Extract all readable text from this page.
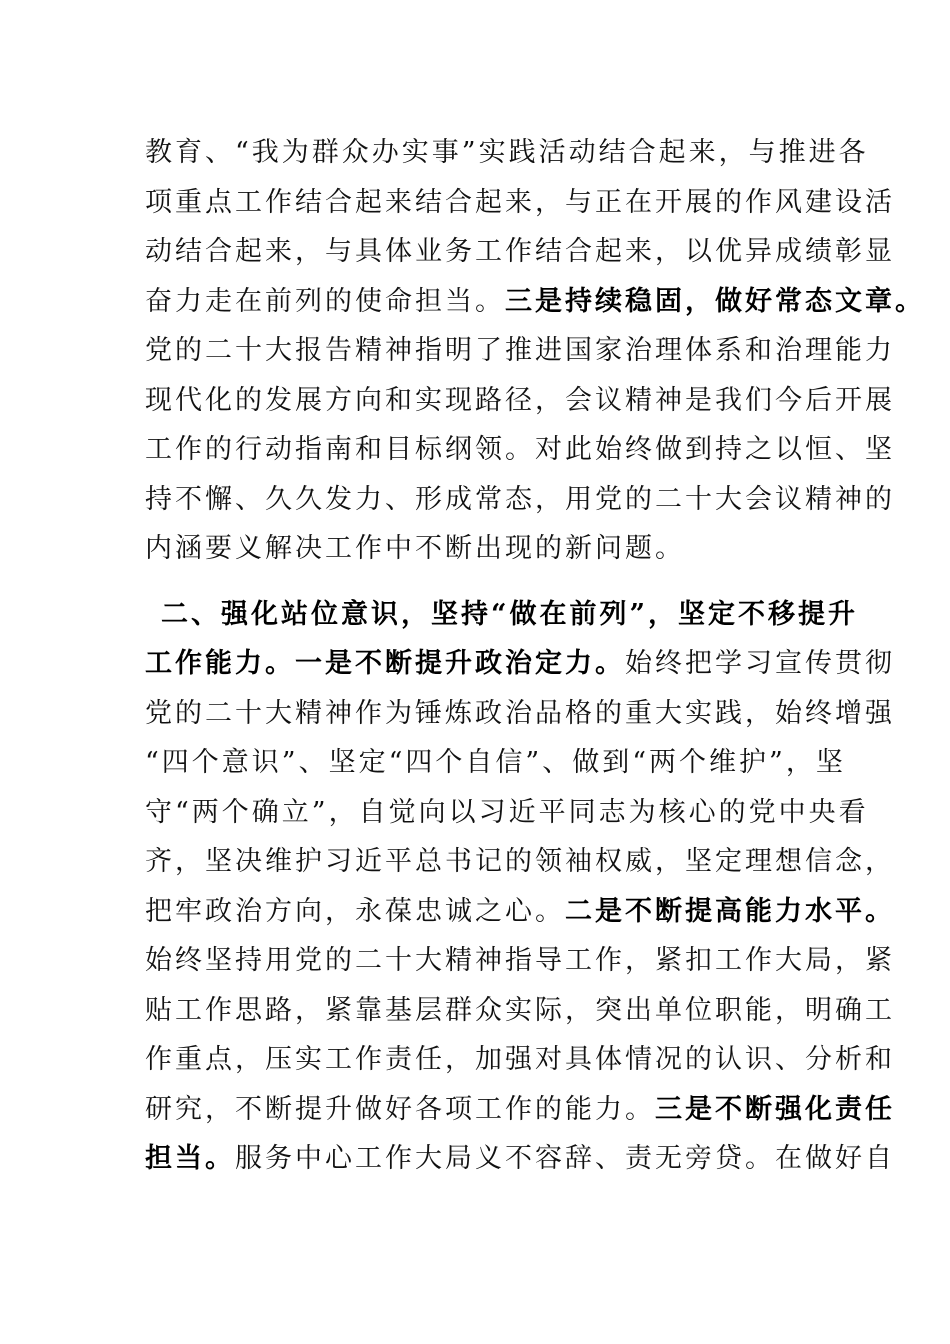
教育、“我为群众办实事”实践活动结合起来，与推进各

项重点工作结合起来结合起来，与正在开展的作风建设活

动结合起来，与具体业务工作结合起来，以优异成绩彰显

奋力走在前列的使命担当。三是持续稳固，做好常态文章。

党的二十大报告精神指明了推进国家治理体系和治理能力

现代化的发展方向和实现路径，会议精神是我们今后开展

工作的行动指南和目标纲领。对此始终做到持之以恒、坚

持不懈、久久发力、形成常态，用党的二十大会议精神的

内涵要义解决工作中不断出现的新问题。

二、强化站位意识，坚持“做在前列”，坚定不移提升

工作能力。一是不断提升政治定力。始终把学习宣传贯彻

党的二十大精神作为锤炼政治品格的重大实践，始终增强

“四个意识”、坚定“四个自信”、做到“两个维护”，坚

守“两个确立”，自觉向以习近平同志为核心的党中央看

齐，坚决维护习近平总书记的领袖权威，坚定理想信念，

把牢政治方向，永葆忠诚之心。二是不断提高能力水平。

始终坚持用党的二十大精神指导工作，紧扣工作大局，紧

贴工作思路，紧靠基层群众实际，突出单位职能，明确工

作重点，压实工作责任，加强对具体情况的认识、分析和

研究，不断提升做好各项工作的能力。三是不断强化责任

担当。服务中心工作大局义不容辞、责无旁贷。在做好自
